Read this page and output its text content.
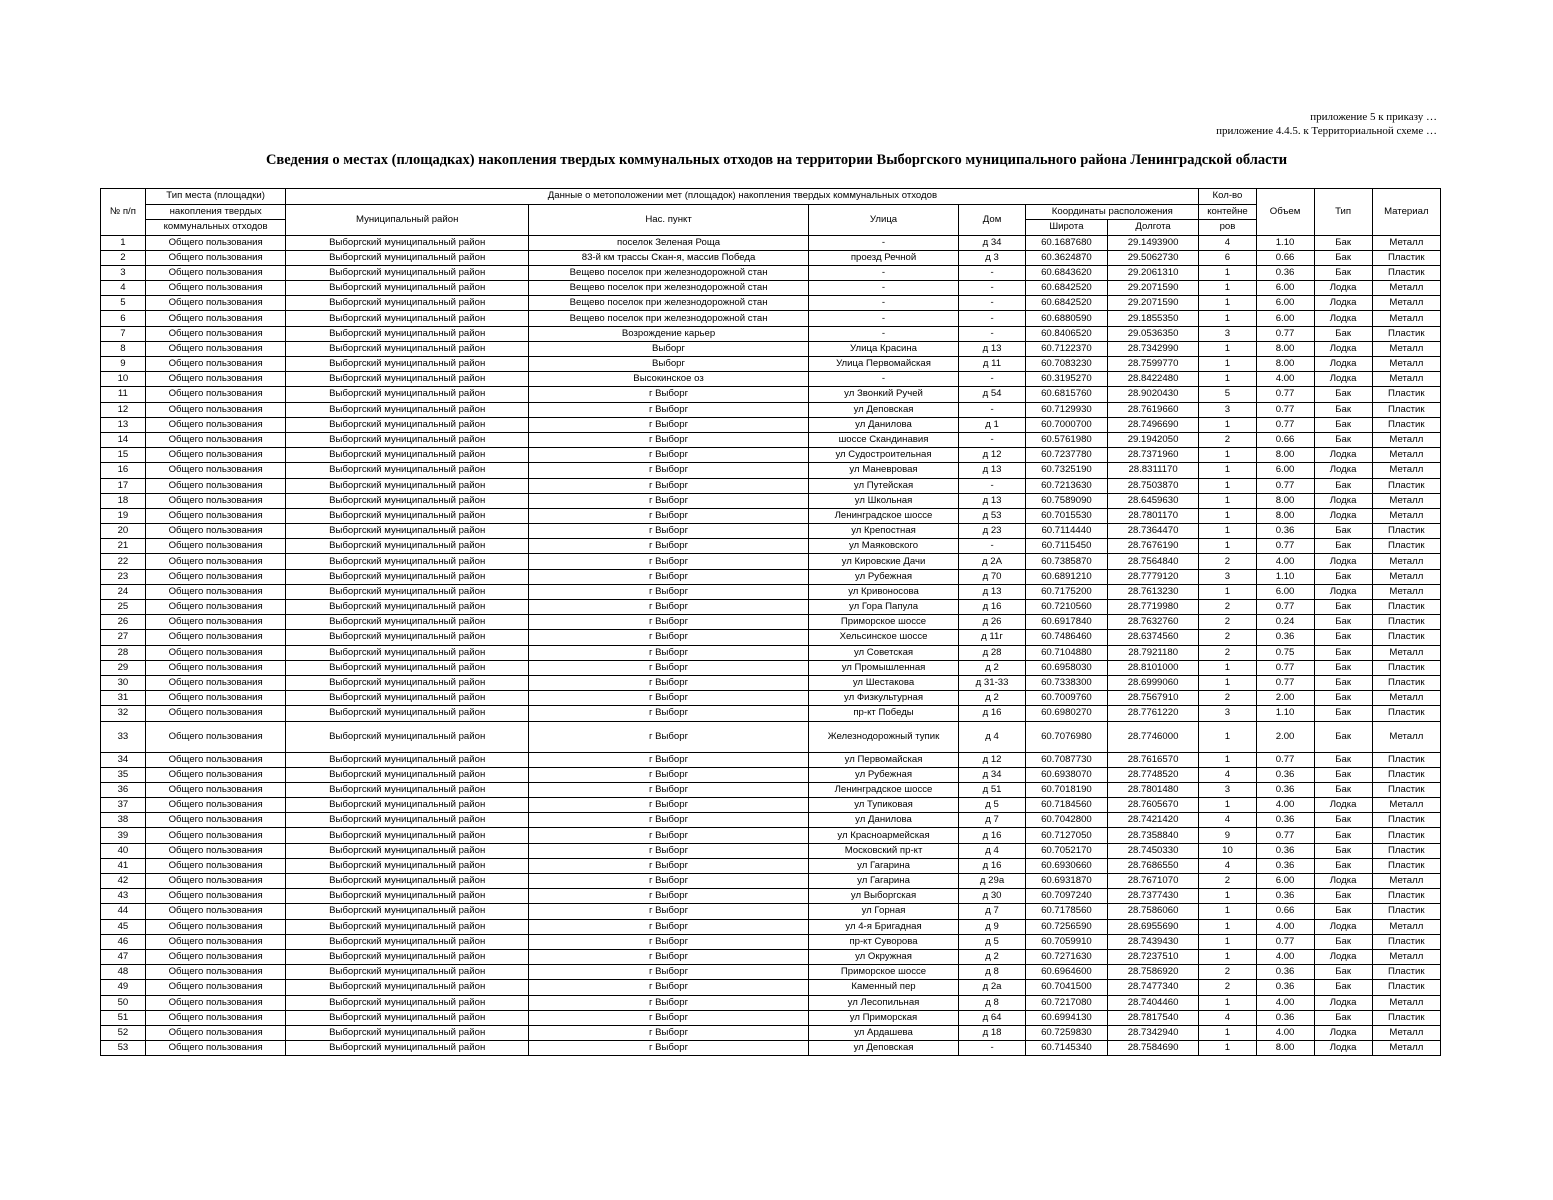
приложение 5 к приказу …
приложение 4.4.5. к Территориальной схеме …
Сведения о местах (площадках) накопления твердых коммунальных отходов на территории Выборгского муниципального района Ленинградской области
№ п/п	Тип места (площадки)	Данные о метоположении мет (площадок) накопления твердых коммунальных отходов						Кол-во	Объем	Тип	Материал
	накопления твердых	Муниципальный район	Нас. пункт	Улица	Дом	Координаты расположения		контейне			
	коммунальных отходов					Широта	Долгота	ров			
1	Общего пользования	Выборгский муниципальный район	поселок Зеленая Роща	-	д 34	60.1687680	29.1493900	4	1.10	Бак	Металл
2	Общего пользования	Выборгский муниципальный район	83-й км трассы Скан-я, массив Победа	проезд Речной	д 3	60.3624870	29.5062730	6	0.66	Бак	Пластик
3	Общего пользования	Выборгский муниципальный район	Вещево поселок при железнодорожной стан	-	-	60.6843620	29.2061310	1	0.36	Бак	Пластик
4	Общего пользования	Выборгский муниципальный район	Вещево поселок при железнодорожной стан	-	-	60.6842520	29.2071590	1	6.00	Лодка	Металл
5	Общего пользования	Выборгский муниципальный район	Вещево поселок при железнодорожной стан	-	-	60.6842520	29.2071590	1	6.00	Лодка	Металл
6	Общего пользования	Выборгский муниципальный район	Вещево поселок при железнодорожной стан	-	-	60.6880590	29.1855350	1	6.00	Лодка	Металл
7	Общего пользования	Выборгский муниципальный район	Возрождение карьер	-	-	60.8406520	29.0536350	3	0.77	Бак	Пластик
8	Общего пользования	Выборгский муниципальный район	Выборг	Улица Красина	д 13	60.7122370	28.7342990	1	8.00	Лодка	Металл
9	Общего пользования	Выборгский муниципальный район	Выборг	Улица Первомайская	д 11	60.7083230	28.7599770	1	8.00	Лодка	Металл
10	Общего пользования	Выборгский муниципальный район	Высокинское оз	-	-	60.3195270	28.8422480	1	4.00	Лодка	Металл
11	Общего пользования	Выборгский муниципальный район	г Выборг	ул Звонкий Ручей	д 54	60.6815760	28.9020430	5	0.77	Бак	Пластик
12	Общего пользования	Выборгский муниципальный район	г Выборг	ул Деповская	-	60.7129930	28.7619660	3	0.77	Бак	Пластик
13	Общего пользования	Выборгский муниципальный район	г Выборг	ул Данилова	д 1	60.7000700	28.7496690	1	0.77	Бак	Пластик
14	Общего пользования	Выборгский муниципальный район	г Выборг	шоссе Скандинавия	-	60.5761980	29.1942050	2	0.66	Бак	Металл
15	Общего пользования	Выборгский муниципальный район	г Выборг	ул Судостроительная	д 12	60.7237780	28.7371960	1	8.00	Лодка	Металл
16	Общего пользования	Выборгский муниципальный район	г Выборг	ул Маневровая	д 13	60.7325190	28.8311170	1	6.00	Лодка	Металл
17	Общего пользования	Выборгский муниципальный район	г Выборг	ул Путейская	-	60.7213630	28.7503870	1	0.77	Бак	Пластик
18	Общего пользования	Выборгский муниципальный район	г Выборг	ул Школьная	д 13	60.7589090	28.6459630	1	8.00	Лодка	Металл
19	Общего пользования	Выборгский муниципальный район	г Выборг	Ленинградское шоссе	д 53	60.7015530	28.7801170	1	8.00	Лодка	Металл
20	Общего пользования	Выборгский муниципальный район	г Выборг	ул Крепостная	д 23	60.7114440	28.7364470	1	0.36	Бак	Пластик
21	Общего пользования	Выборгский муниципальный район	г Выборг	ул Маяковского	-	60.7115450	28.7676190	1	0.77	Бак	Пластик
22	Общего пользования	Выборгский муниципальный район	г Выборг	ул Кировские Дачи	д 2А	60.7385870	28.7564840	2	4.00	Лодка	Металл
23	Общего пользования	Выборгский муниципальный район	г Выборг	ул Рубежная	д 70	60.6891210	28.7779120	3	1.10	Бак	Металл
24	Общего пользования	Выборгский муниципальный район	г Выборг	ул Кривоносова	д 13	60.7175200	28.7613230	1	6.00	Лодка	Металл
25	Общего пользования	Выборгский муниципальный район	г Выборг	ул Гора Папула	д 16	60.7210560	28.7719980	2	0.77	Бак	Пластик
26	Общего пользования	Выборгский муниципальный район	г Выборг	Приморское шоссе	д 26	60.6917840	28.7632760	2	0.24	Бак	Пластик
27	Общего пользования	Выборгский муниципальный район	г Выборг	Хельсинское шоссе	д 11г	60.7486460	28.6374560	2	0.36	Бак	Пластик
28	Общего пользования	Выборгский муниципальный район	г Выборг	ул Советская	д 28	60.7104880	28.7921180	2	0.75	Бак	Металл
29	Общего пользования	Выборгский муниципальный район	г Выборг	ул Промышленная	д 2	60.6958030	28.8101000	1	0.77	Бак	Пластик
30	Общего пользования	Выборгский муниципальный район	г Выборг	ул Шестакова	д 31-33	60.7338300	28.6999060	1	0.77	Бак	Пластик
31	Общего пользования	Выборгский муниципальный район	г Выборг	ул Физкультурная	д 2	60.7009760	28.7567910	2	2.00	Бак	Металл
32	Общего пользования	Выборгский муниципальный район	г Выборг	пр-кт Победы	д 16	60.6980270	28.7761220	3	1.10	Бак	Пластик
33	Общего пользования	Выборгский муниципальный район	г Выборг	Железнодорожный тупик	д 4	60.7076980	28.7746000	1	2.00	Бак	Металл
34	Общего пользования	Выборгский муниципальный район	г Выборг	ул Первомайская	д 12	60.7087730	28.7616570	1	0.77	Бак	Пластик
35	Общего пользования	Выборгский муниципальный район	г Выборг	ул Рубежная	д 34	60.6938070	28.7748520	4	0.36	Бак	Пластик
36	Общего пользования	Выборгский муниципальный район	г Выборг	Ленинградское шоссе	д 51	60.7018190	28.7801480	3	0.36	Бак	Пластик
37	Общего пользования	Выборгский муниципальный район	г Выборг	ул Тупиковая	д 5	60.7184560	28.7605670	1	4.00	Лодка	Металл
38	Общего пользования	Выборгский муниципальный район	г Выборг	ул Данилова	д 7	60.7042800	28.7421420	4	0.36	Бак	Пластик
39	Общего пользования	Выборгский муниципальный район	г Выборг	ул Красноармейская	д 16	60.7127050	28.7358840	9	0.77	Бак	Пластик
40	Общего пользования	Выборгский муниципальный район	г Выборг	Московский пр-кт	д 4	60.7052170	28.7450330	10	0.36	Бак	Пластик
41	Общего пользования	Выборгский муниципальный район	г Выборг	ул Гагарина	д 16	60.6930660	28.7686550	4	0.36	Бак	Пластик
42	Общего пользования	Выборгский муниципальный район	г Выборг	ул Гагарина	д 29а	60.6931870	28.7671070	2	6.00	Лодка	Металл
43	Общего пользования	Выборгский муниципальный район	г Выборг	ул Выборгская	д 30	60.7097240	28.7377430	1	0.36	Бак	Пластик
44	Общего пользования	Выборгский муниципальный район	г Выборг	ул Горная	д 7	60.7178560	28.7586060	1	0.66	Бак	Пластик
45	Общего пользования	Выборгский муниципальный район	г Выборг	ул 4-я Бригадная	д 9	60.7256590	28.6955690	1	4.00	Лодка	Металл
46	Общего пользования	Выборгский муниципальный район	г Выборг	пр-кт Суворова	д 5	60.7059910	28.7439430	1	0.77	Бак	Пластик
47	Общего пользования	Выборгский муниципальный район	г Выборг	ул Окружная	д 2	60.7271630	28.7237510	1	4.00	Лодка	Металл
48	Общего пользования	Выборгский муниципальный район	г Выборг	Приморское шоссе	д 8	60.6964600	28.7586920	2	0.36	Бак	Пластик
49	Общего пользования	Выборгский муниципальный район	г Выборг	Каменный пер	д 2а	60.7041500	28.7477340	2	0.36	Бак	Пластик
50	Общего пользования	Выборгский муниципальный район	г Выборг	ул Лесопильная	д 8	60.7217080	28.7404460	1	4.00	Лодка	Металл
51	Общего пользования	Выборгский муниципальный район	г Выборг	ул Приморская	д 64	60.6994130	28.7817540	4	0.36	Бак	Пластик
52	Общего пользования	Выборгский муниципальный район	г Выборг	ул Ардашева	д 18	60.7259830	28.7342940	1	4.00	Лодка	Металл
53	Общего пользования	Выборгский муниципальный район	г Выборг	ул Деповская	-	60.7145340	28.7584690	1	8.00	Лодка	Металл
